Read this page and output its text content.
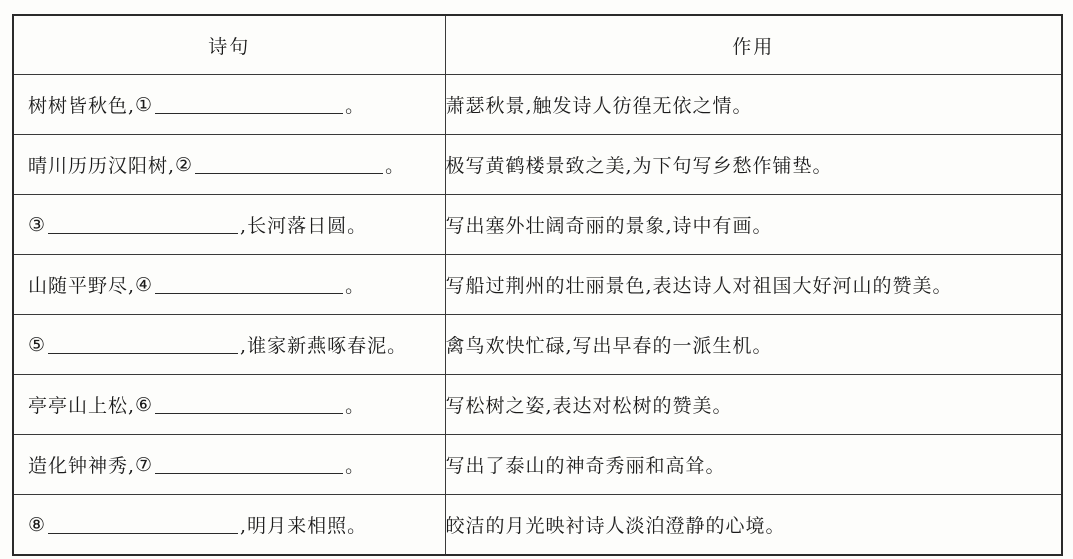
诗句	作用

树树皆秋色, ① 。	萧瑟秋景,触发诗人彷徨无依之情。

晴川历历汉阳树, ② 。	极写黄鹤楼景致之美,为下句写乡愁作铺垫。

③ ,长河落日圆。	写出塞外壮阔奇丽的景象,诗中有画。

山随平野尽, ④ 。	写船过荆州的壮丽景色,表达诗人对祖国大好河山的赞美。

⑤ ,谁家新燕啄春泥。	禽鸟欢快忙碌,写出早春的一派生机。

亭亭山上松, ⑥ 。	写松树之姿,表达对松树的赞美。

造化钟神秀, ⑦ 。	写出了泰山的神奇秀丽和高耸。

⑧ ,明月来相照。	皎洁的月光映衬诗人淡泊澄静的心境。
